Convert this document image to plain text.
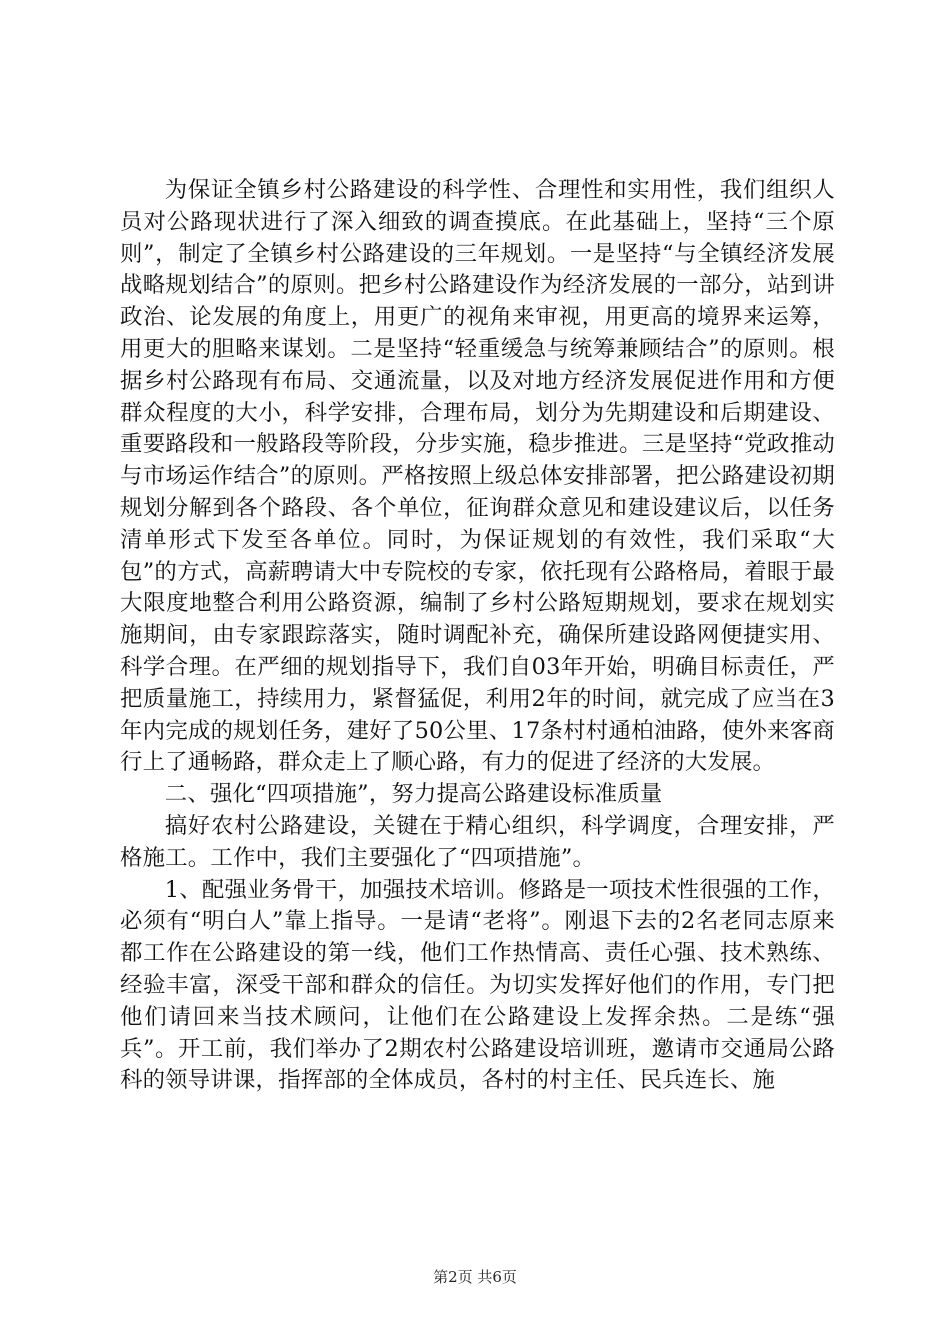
为保证全镇乡村公路建设的科学性、合理性和实用性，我们组织人员对公路现状进行了深入细致的调查摸底。在此基础上，坚持“三个原则”，制定了全镇乡村公路建设的三年规划。一是坚持“与全镇经济发展战略规划结合”的原则。把乡村公路建设作为经济发展的一部分，站到讲政治、论发展的角度上，用更广的视角来审视，用更高的境界来运筹，用更大的胆略来谋划。二是坚持“轻重缓急与统筹兼顾结合”的原则。根据乡村公路现有布局、交通流量，以及对地方经济发展促进作用和方便群众程度的大小，科学安排，合理布局，划分为先期建设和后期建设、重要路段和一般路段等阶段，分步实施，稳步推进。三是坚持“党政推动与市场运作结合”的原则。严格按照上级总体安排部署，把公路建设初期规划分解到各个路段、各个单位，征询群众意见和建设建议后，以任务清单形式下发至各单位。同时，为保证规划的有效性，我们采取“大包”的方式，高薪聘请大中专院校的专家，依托现有公路格局，着眼于最大限度地整合利用公路资源，编制了乡村公路短期规划，要求在规划实施期间，由专家跟踪落实，随时调配补充，确保所建设路网便捷实用、科学合理。在严细的规划指导下，我们自03年开始，明确目标责任，严把质量施工，持续用力，紧督猛促，利用2年的时间，就完成了应当在3年内完成的规划任务，建好了50公里、17条村村通柏油路，使外来客商行上了通畅路，群众走上了顺心路，有力的促进了经济的大发展。

二、强化“四项措施”，努力提高公路建设标准质量

搞好农村公路建设，关键在于精心组织，科学调度，合理安排，严格施工。工作中，我们主要强化了“四项措施”。

1、配强业务骨干，加强技术培训。修路是一项技术性很强的工作，必须有“明白人”靠上指导。一是请“老将”。刚退下去的2名老同志原来都工作在公路建设的第一线，他们工作热情高、责任心强、技术熟练、经验丰富，深受干部和群众的信任。为切实发挥好他们的作用，专门把他们请回来当技术顾问，让他们在公路建设上发挥余热。二是练“强兵”。开工前，我们举办了2期农村公路建设培训班，邀请市交通局公路科的领导讲课，指挥部的全体成员，各村的村主任、民兵连长、施

第2页 共6页
